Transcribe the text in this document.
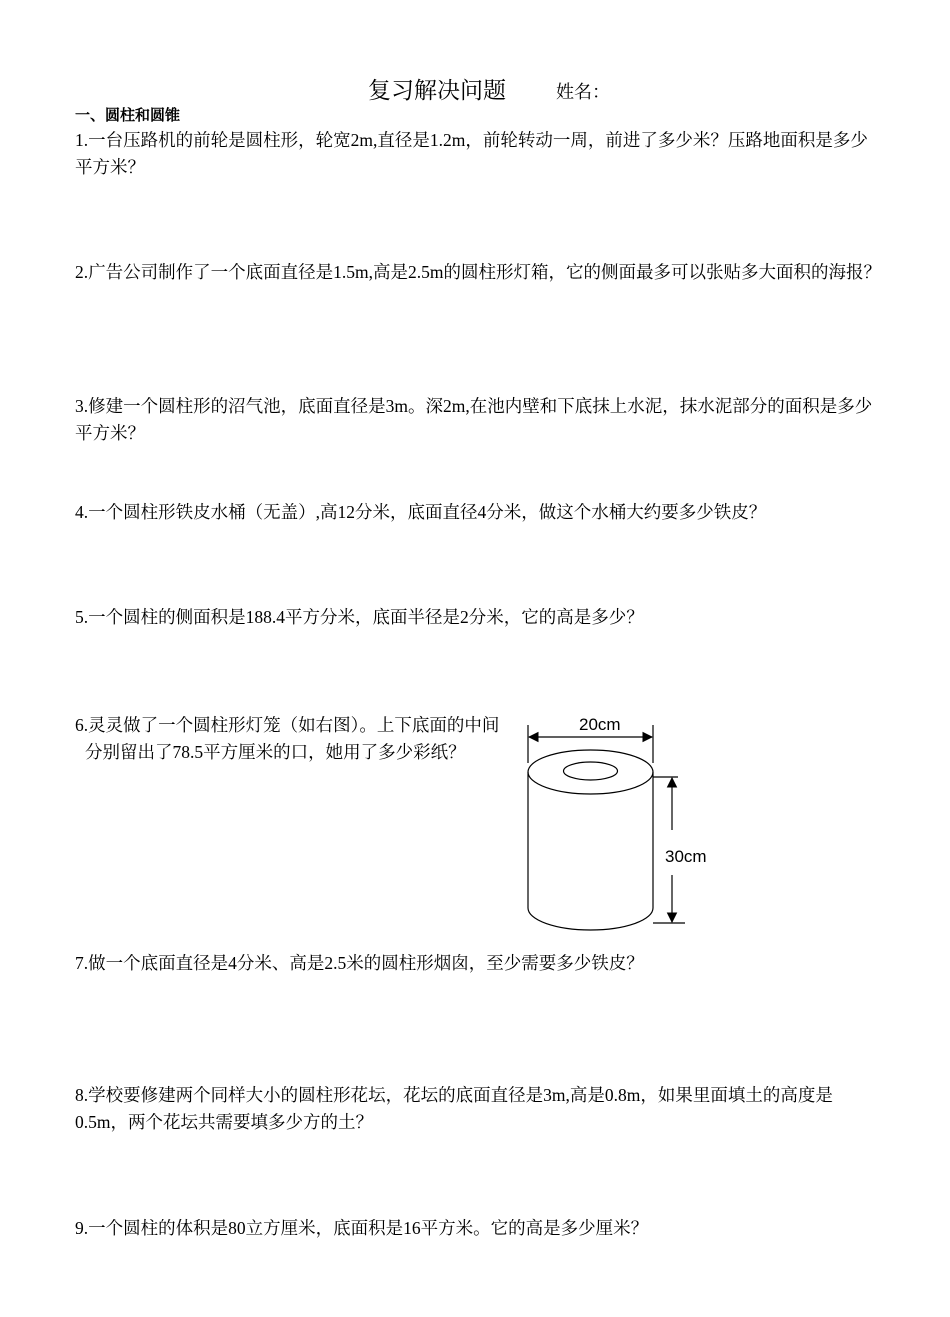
复习解决问题	姓名：
一、圆柱和圆锥
1.一台压路机的前轮是圆柱形，轮宽2m,直径是1.2m，前轮转动一周，前进了多少米？压路地面积是多少平方米？
2.广告公司制作了一个底面直径是1.5m,高是2.5m的圆柱形灯箱，它的侧面最多可以张贴多大面积的海报？
3.修建一个圆柱形的沼气池，底面直径是3m。深2m,在池内壁和下底抹上水泥，抹水泥部分的面积是多少平方米？
4.一个圆柱形铁皮水桶（无盖）,高12分米，底面直径4分米，做这个水桶大约要多少铁皮？
5.一个圆柱的侧面积是188.4平方分米，底面半径是2分米，它的高是多少？
6.灵灵做了一个圆柱形灯笼（如右图）。上下底面的中间
分别留出了78.5平方厘米的口，她用了多少彩纸？
20cm
30cm
7.做一个底面直径是4分米、高是2.5米的圆柱形烟囱，至少需要多少铁皮？
8.学校要修建两个同样大小的圆柱形花坛，花坛的底面直径是3m,高是0.8m，如果里面填土的高度是0.5m，两个花坛共需要填多少方的土？
9.一个圆柱的体积是80立方厘米，底面积是16平方米。它的高是多少厘米？
